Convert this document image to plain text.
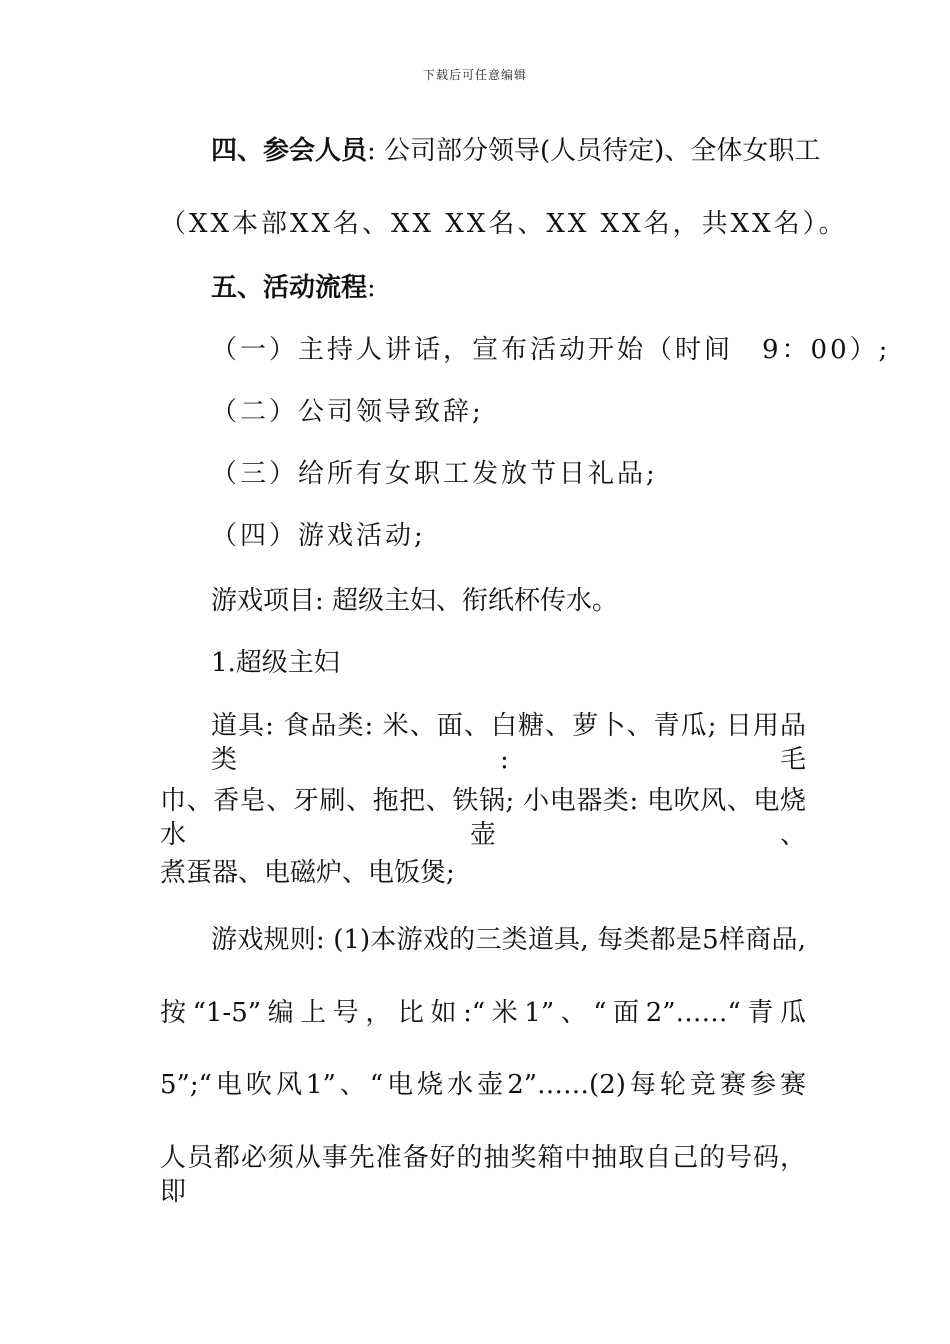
下载后可任意编辑
四、参会人员: 公司部分领导(人员待定)、全体女职工
（XX本部XX名、XX XX名、XX XX名，共XX名）。
五、活动流程:
（一）主持人讲话，宣布活动开始（时间　9：00）;
（二）公司领导致辞;
（三）给所有女职工发放节日礼品;
（四）游戏活动;
游戏项目: 超级主妇、衔纸杯传水。
1.超级主妇
道具: 食品类: 米、面、白糖、萝卜、青瓜; 日用品类: 毛
巾、香皂、牙刷、拖把、铁锅; 小电器类: 电吹风、电烧水壶、
煮蛋器、电磁炉、电饭煲;
游戏规则: (1)本游戏的三类道具, 每类都是5样商品,
按“1-5”编上号，比如:“米1”、“面2”……“青瓜
5”;“电吹风1”、“电烧水壶2”……(2)每轮竞赛参赛
人员都必须从事先准备好的抽奖箱中抽取自己的号码，即
